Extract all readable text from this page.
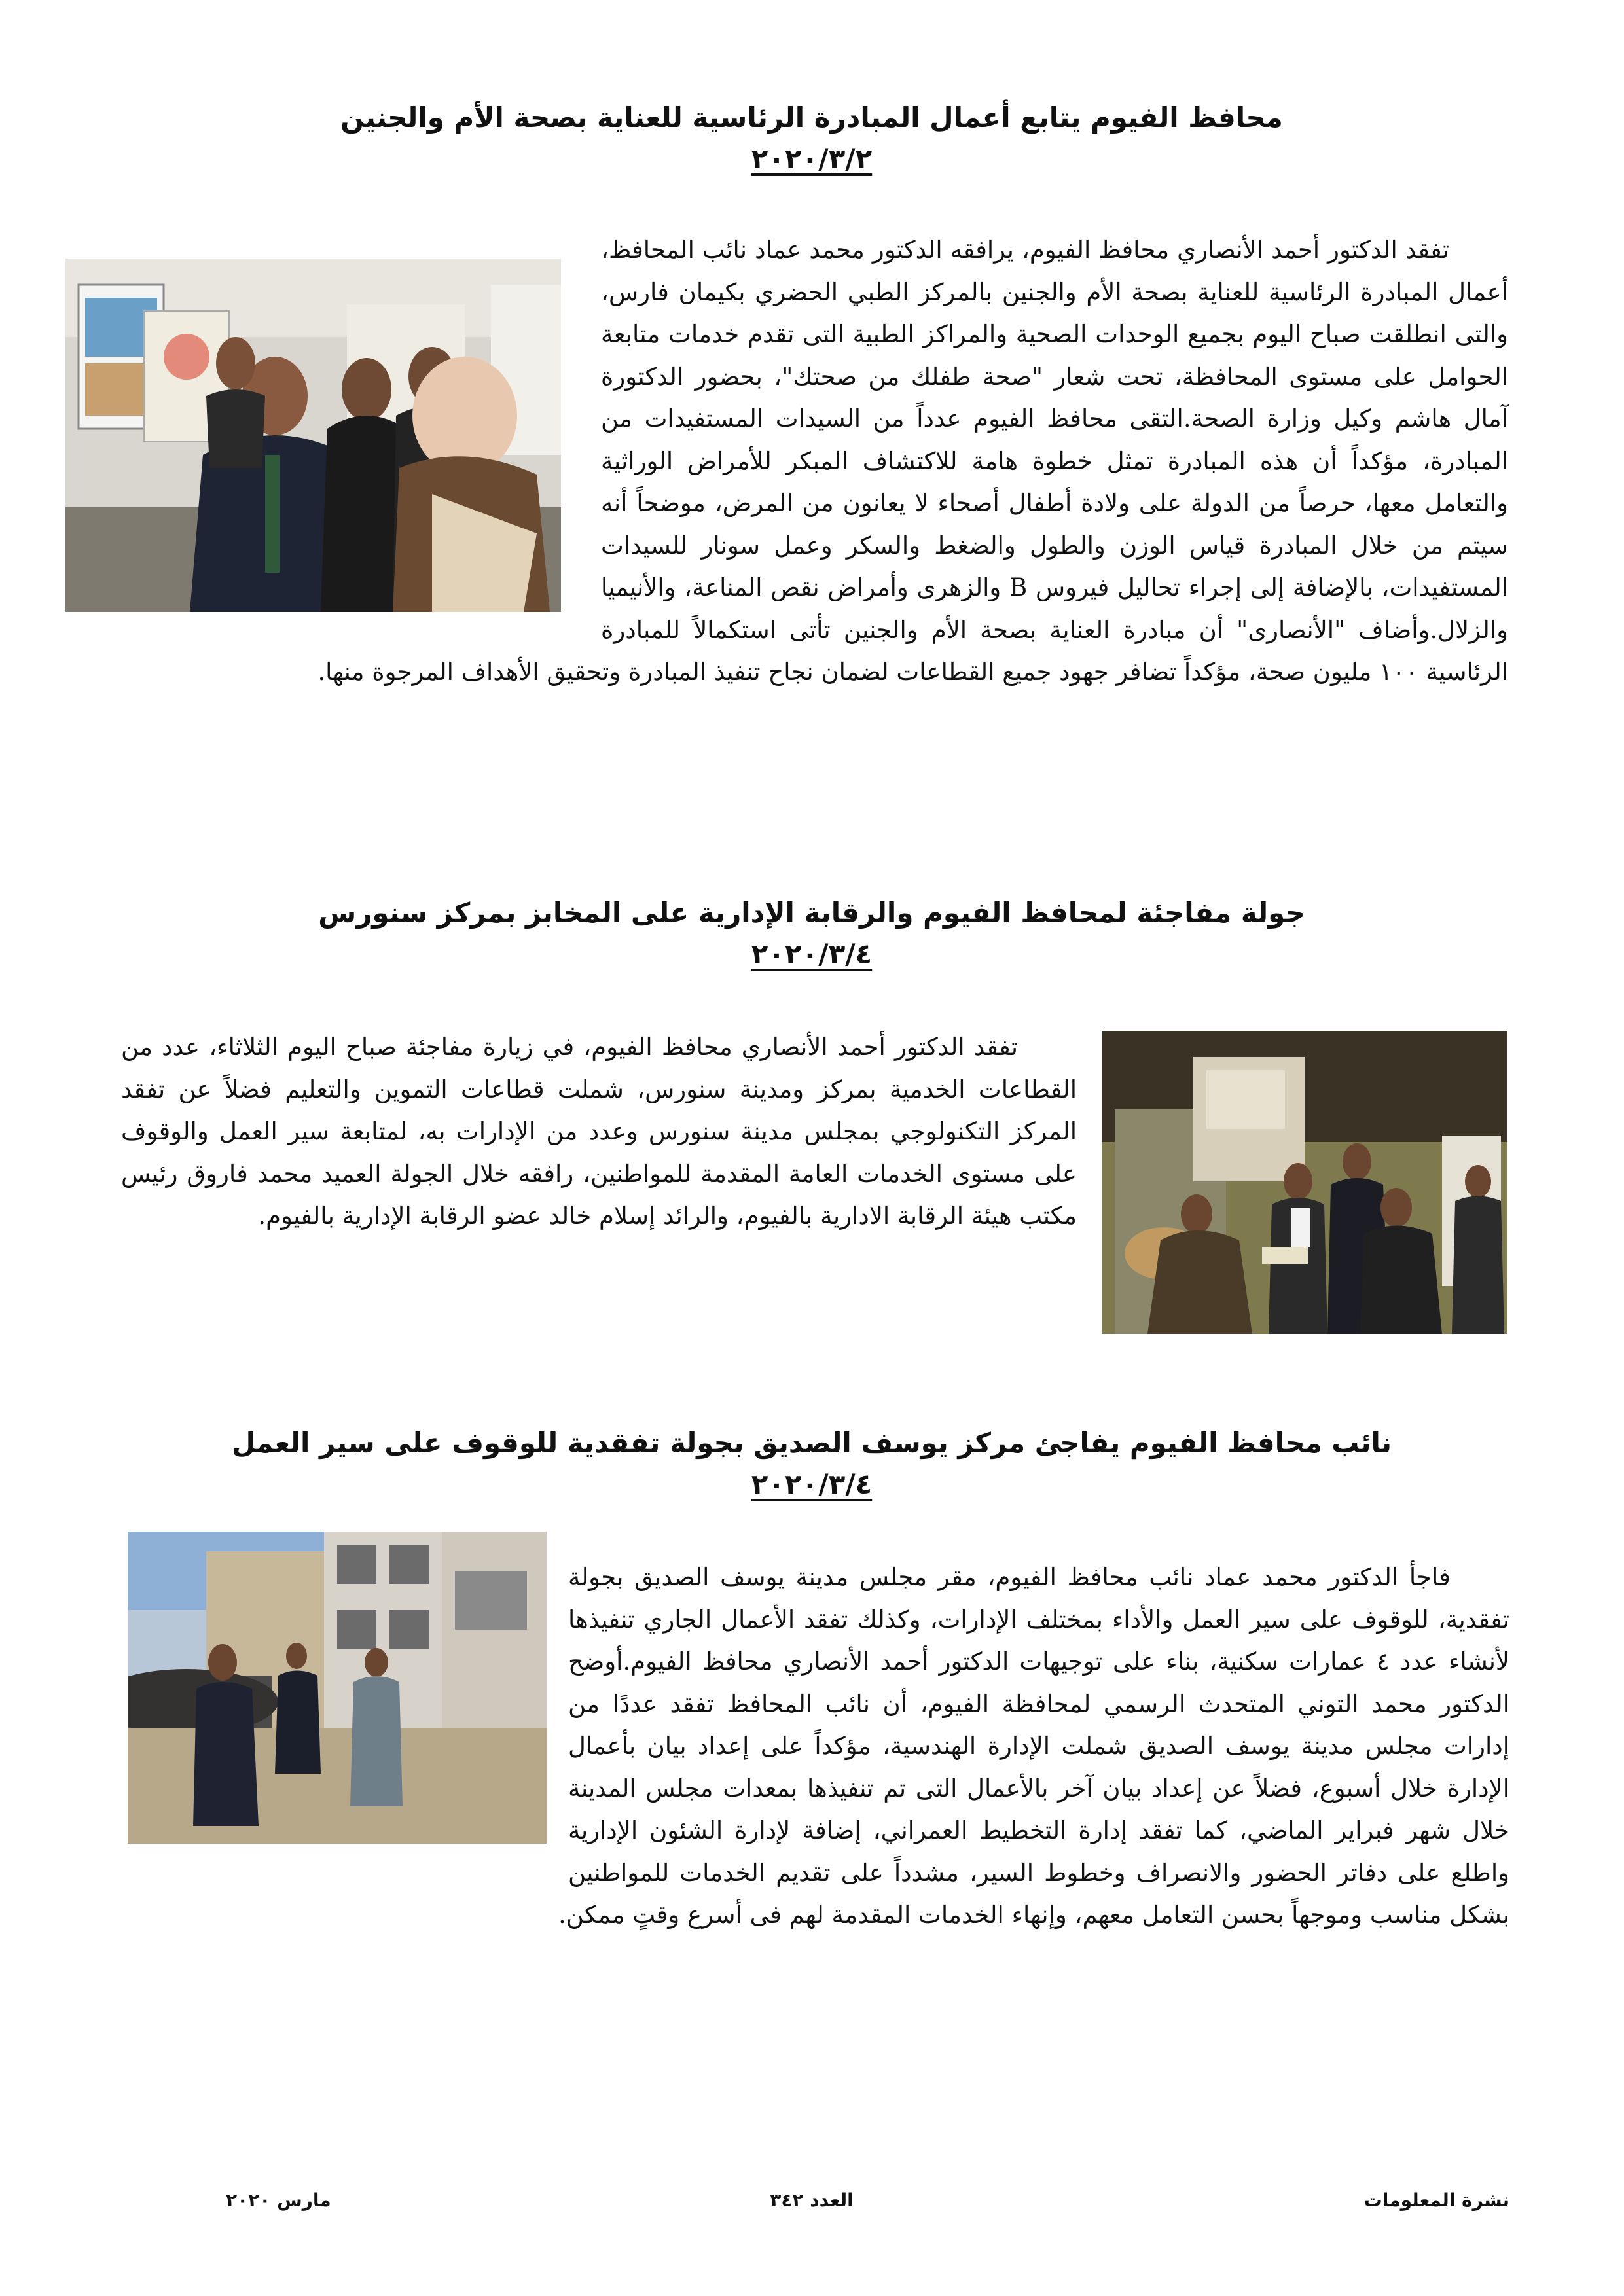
محافظ الفيوم يتابع أعمال المبادرة الرئاسية للعناية بصحة الأم والجنين
٢٠٢٠/٣/٢

تفقد الدكتور أحمد الأنصاري محافظ الفيوم، يرافقه الدكتور محمد عماد نائب المحافظ، أعمال المبادرة الرئاسية للعناية بصحة الأم والجنين بالمركز الطبي الحضري بكيمان فارس، والتى انطلقت صباح اليوم بجميع الوحدات الصحية والمراكز الطبية التى تقدم خدمات متابعة الحوامل على مستوى المحافظة، تحت شعار "صحة طفلك من صحتك"، بحضور الدكتورة آمال هاشم وكيل وزارة الصحة.التقى محافظ الفيوم عدداً من السيدات المستفيدات من المبادرة، مؤكداً أن هذه المبادرة تمثل خطوة هامة للاكتشاف المبكر للأمراض الوراثية والتعامل معها، حرصاً من الدولة على ولادة أطفال أصحاء لا يعانون من المرض، موضحاً أنه سيتم من خلال المبادرة قياس الوزن والطول والضغط والسكر وعمل سونار للسيدات المستفيدات، بالإضافة إلى إجراء تحاليل فيروس B والزهرى وأمراض نقص المناعة، والأنيميا والزلال.وأضاف "الأنصارى" أن مبادرة العناية بصحة الأم والجنين تأتى استكمالاً للمبادرة الرئاسية ١٠٠ مليون صحة، مؤكداً تضافر جهود جميع القطاعات لضمان نجاح تنفيذ المبادرة وتحقيق الأهداف المرجوة منها.

جولة مفاجئة لمحافظ الفيوم والرقابة الإدارية على المخابز بمركز سنورس
٢٠٢٠/٣/٤

تفقد الدكتور أحمد الأنصاري محافظ الفيوم، في زيارة مفاجئة صباح اليوم الثلاثاء، عدد من القطاعات الخدمية بمركز ومدينة سنورس، شملت قطاعات التموين والتعليم فضلاً عن تفقد المركز التكنولوجي بمجلس مدينة سنورس وعدد من الإدارات به، لمتابعة سير العمل والوقوف على مستوى الخدمات العامة المقدمة للمواطنين، رافقه خلال الجولة العميد محمد فاروق رئيس مكتب هيئة الرقابة الادارية بالفيوم، والرائد إسلام خالد عضو الرقابة الإدارية بالفيوم.

نائب محافظ الفيوم يفاجئ مركز يوسف الصديق بجولة تفقدية للوقوف على سير العمل
٢٠٢٠/٣/٤

فاجأ الدكتور محمد عماد نائب محافظ الفيوم، مقر مجلس مدينة يوسف الصديق بجولة تفقدية، للوقوف على سير العمل والأداء بمختلف الإدارات، وكذلك تفقد الأعمال الجاري تنفيذها لأنشاء عدد ٤ عمارات سكنية، بناء على توجيهات الدكتور أحمد الأنصاري محافظ الفيوم.أوضح الدكتور محمد التوني المتحدث الرسمي لمحافظة الفيوم، أن نائب المحافظ تفقد عددًا من إدارات مجلس مدينة يوسف الصديق شملت الإدارة الهندسية، مؤكداً على إعداد بيان بأعمال الإدارة خلال أسبوع، فضلاً عن إعداد بيان آخر بالأعمال التى تم تنفيذها بمعدات مجلس المدينة خلال شهر فبراير الماضي، كما تفقد إدارة التخطيط العمراني، إضافة لإدارة الشئون الإدارية واطلع على دفاتر الحضور والانصراف وخطوط السير، مشدداً على تقديم الخدمات للمواطنين بشكل مناسب وموجهاً بحسن التعامل معهم، وإنهاء الخدمات المقدمة لهم فى أسرع وقتٍ ممكن.

نشرة المعلومات
العدد ٣٤٢
مارس ٢٠٢٠
